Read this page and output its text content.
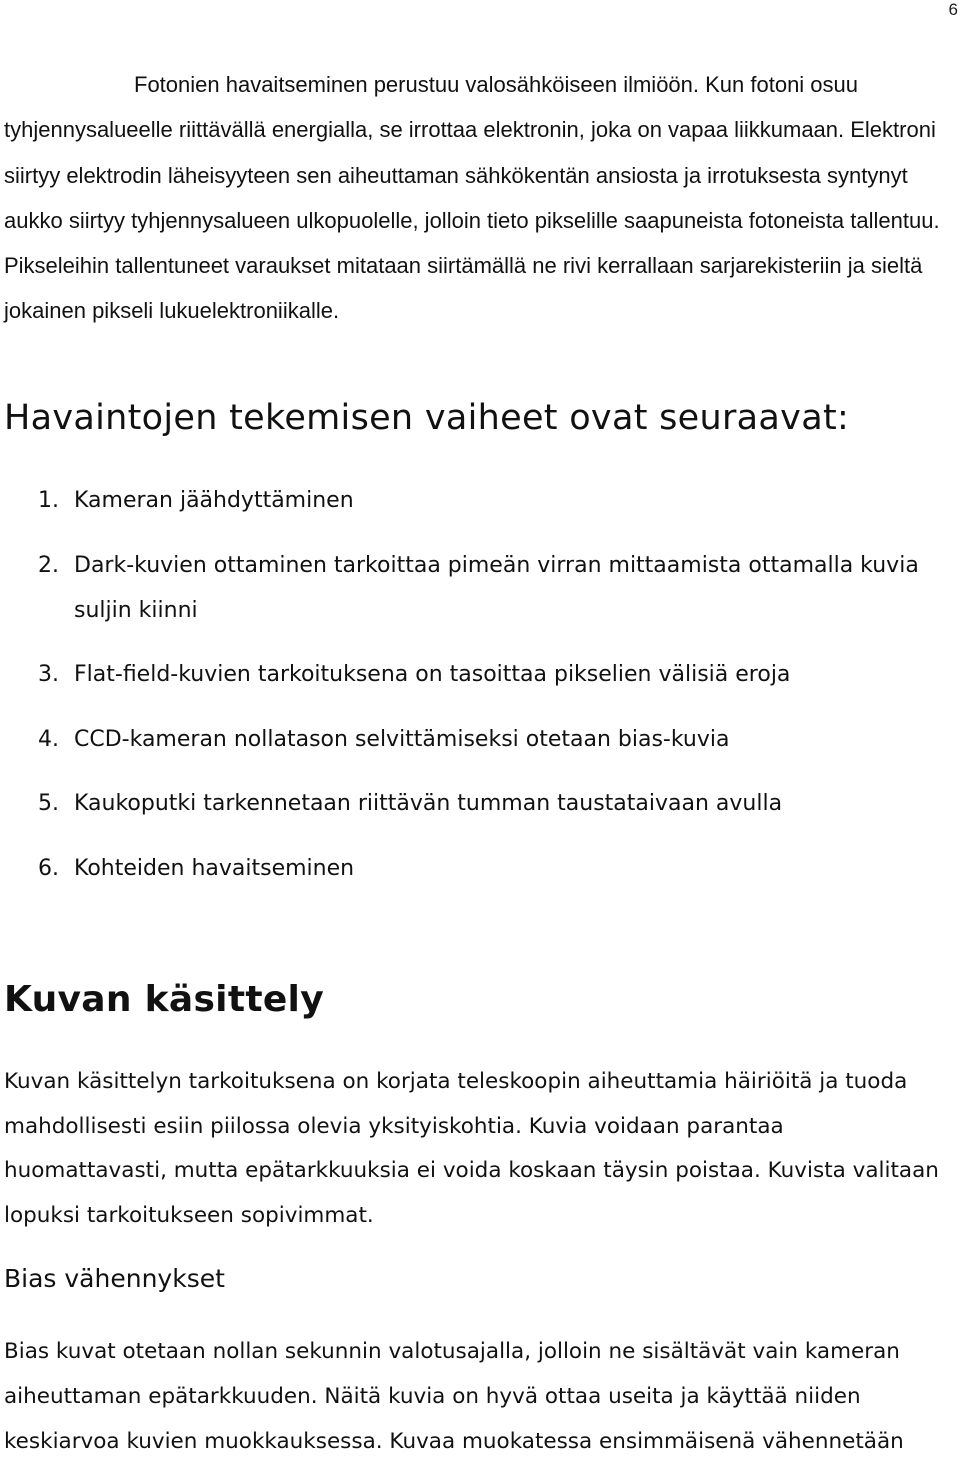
6

Fotonien havaitseminen perustuu valosähköiseen ilmiöön. Kun fotoni osuu tyhjennysalueelle riittävällä energialla, se irrottaa elektronin, joka on vapaa liikkumaan. Elektroni siirtyy elektrodin läheisyyteen sen aiheuttaman sähkökentän ansiosta ja irrotuksesta syntynyt aukko siirtyy tyhjennysalueen ulkopuolelle, jolloin tieto pikselille saapuneista fotoneista tallentuu. Pikseleihin tallentuneet varaukset mitataan siirtämällä ne rivi kerrallaan sarjarekisteriin ja sieltä jokainen pikseli lukuelektroniikalle.

Havaintojen tekemisen vaiheet ovat seuraavat:
1. Kameran jäähdyttäminen
2. Dark-kuvien ottaminen tarkoittaa pimeän virran mittaamista ottamalla kuvia suljin kiinni
3. Flat-field-kuvien tarkoituksena on tasoittaa pikselien välisiä eroja
4. CCD-kameran nollatason selvittämiseksi otetaan bias-kuvia
5. Kaukoputki tarkennetaan riittävän tumman taustataivaan avulla
6. Kohteiden havaitseminen
Kuvan käsittely

Kuvan käsittelyn tarkoituksena on korjata teleskoopin aiheuttamia häiriöitä ja tuoda mahdollisesti esiin piilossa olevia yksityiskohtia. Kuvia voidaan parantaa huomattavasti, mutta epätarkkuuksia ei voida koskaan täysin poistaa. Kuvista valitaan lopuksi tarkoitukseen sopivimmat.

Bias vähennykset

Bias kuvat otetaan nollan sekunnin valotusajalla, jolloin ne sisältävät vain kameran aiheuttaman epätarkkuuden. Näitä kuvia on hyvä ottaa useita ja käyttää niiden keskiarvoa kuvien muokkauksessa. Kuvaa muokatessa ensimmäisenä vähennetään
